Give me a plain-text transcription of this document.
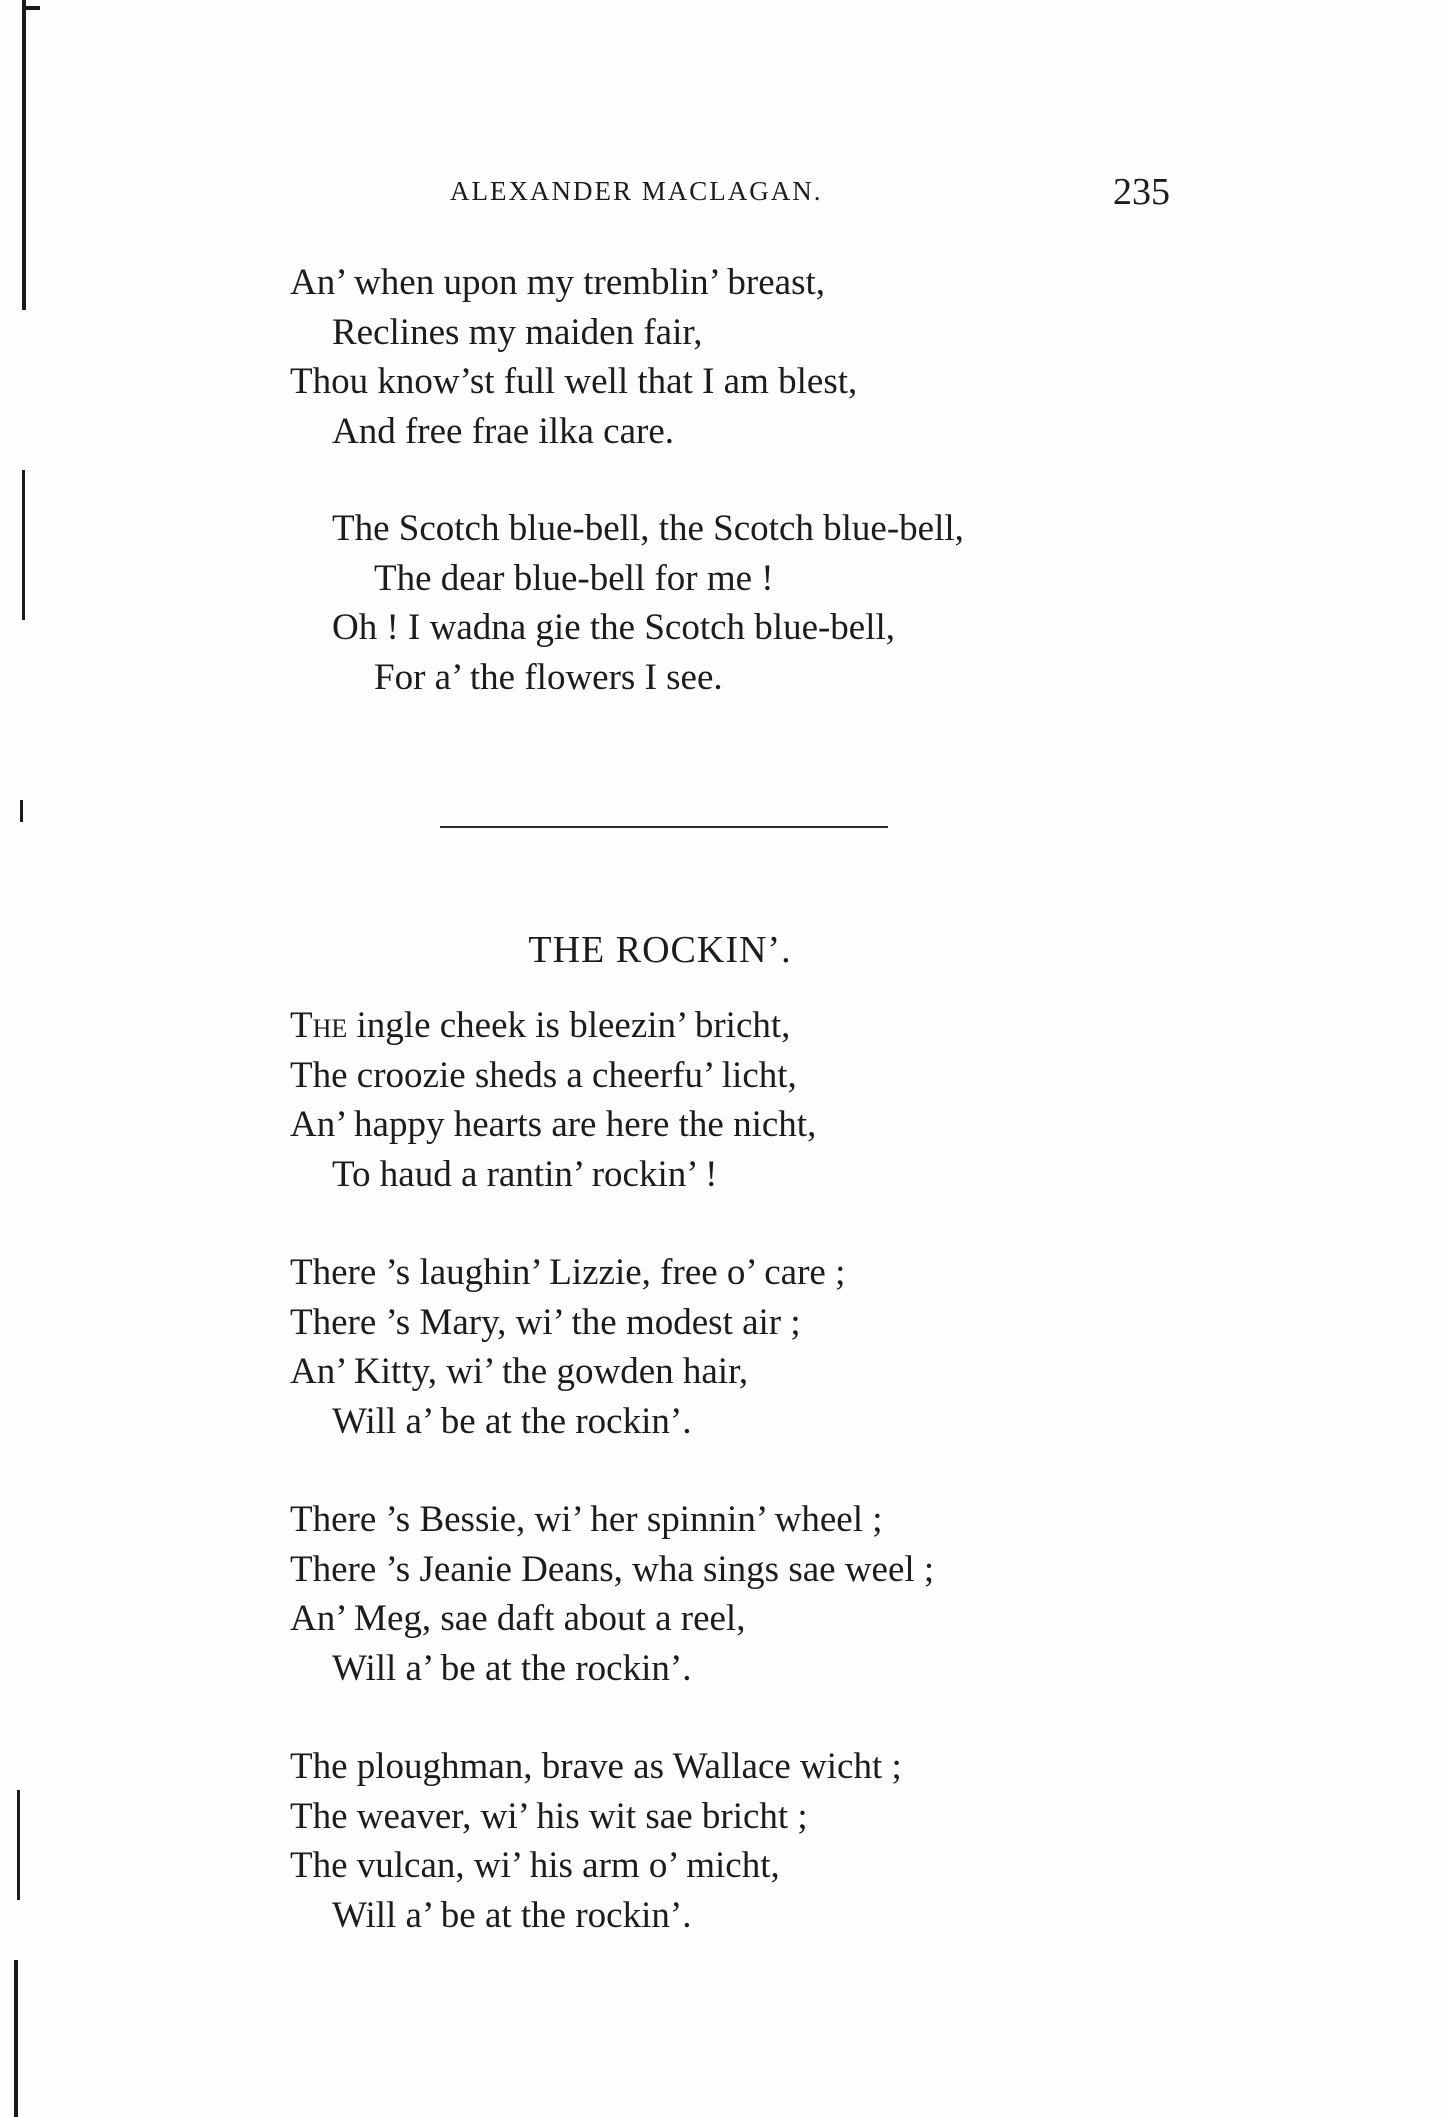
ALEXANDER MACLAGAN.	235
An’ when upon my tremblin’ breast,
Reclines my maiden fair,
Thou know’st full well that I am blest,
And free frae ilka care.
The Scotch blue-bell, the Scotch blue-bell,
The dear blue-bell for me !
Oh ! I wadna gie the Scotch blue-bell,
For a’ the flowers I see.
THE ROCKIN’.
The ingle cheek is bleezin’ bricht,
The croozie sheds a cheerfu’ licht,
An’ happy hearts are here the nicht,
To haud a rantin’ rockin’ !
There ’s laughin’ Lizzie, free o’ care ;
There ’s Mary, wi’ the modest air ;
An’ Kitty, wi’ the gowden hair,
Will a’ be at the rockin’.
There ’s Bessie, wi’ her spinnin’ wheel ;
There ’s Jeanie Deans, wha sings sae weel ;
An’ Meg, sae daft about a reel,
Will a’ be at the rockin’.
The ploughman, brave as Wallace wicht ;
The weaver, wi’ his wit sae bricht ;
The vulcan, wi’ his arm o’ micht,
Will a’ be at the rockin’.
